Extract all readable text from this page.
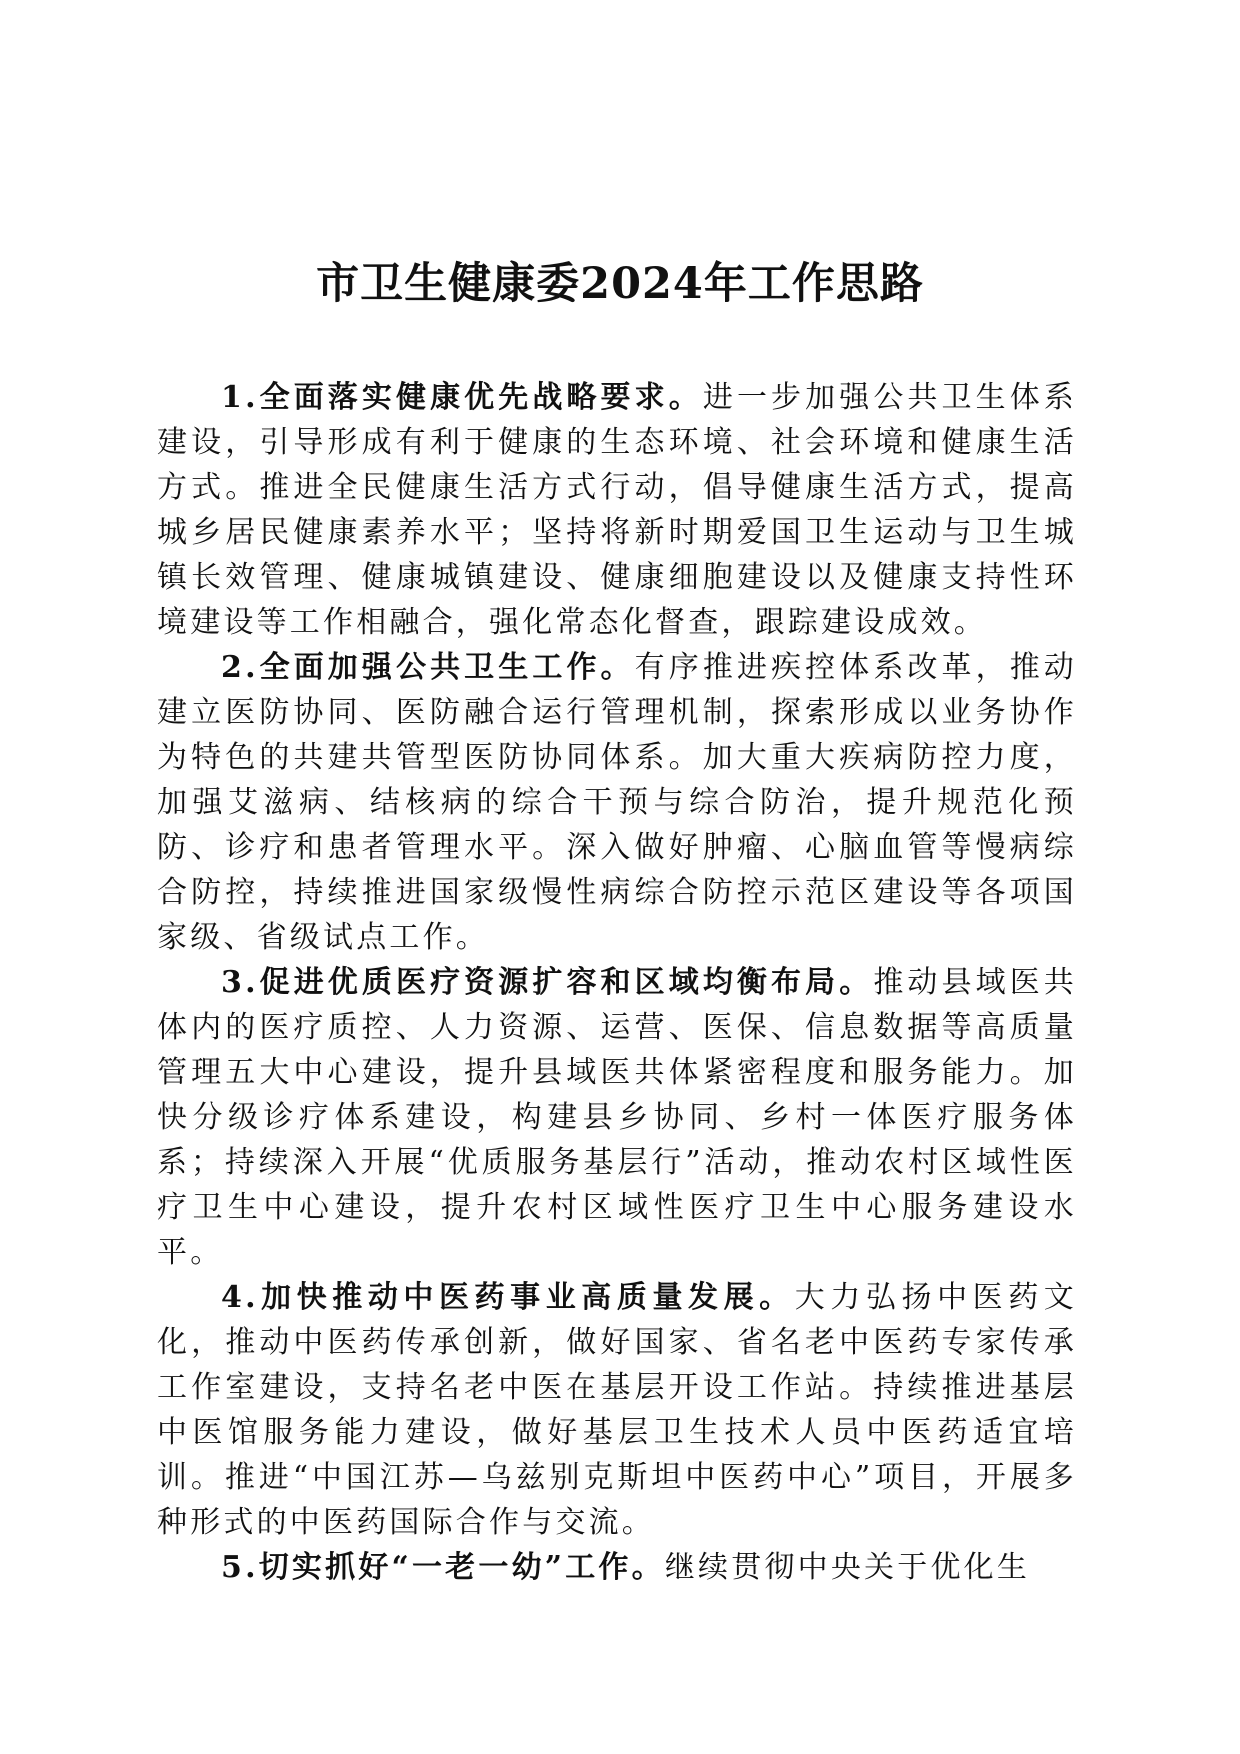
市卫生健康委2024年工作思路

1.全面落实健康优先战略要求。进一步加强公共卫生体系建设，引导形成有利于健康的生态环境、社会环境和健康生活方式。推进全民健康生活方式行动，倡导健康生活方式，提高城乡居民健康素养水平；坚持将新时期爱国卫生运动与卫生城镇长效管理、健康城镇建设、健康细胞建设以及健康支持性环境建设等工作相融合，强化常态化督查，跟踪建设成效。

2.全面加强公共卫生工作。有序推进疾控体系改革，推动建立医防协同、医防融合运行管理机制，探索形成以业务协作为特色的共建共管型医防协同体系。加大重大疾病防控力度，加强艾滋病、结核病的综合干预与综合防治，提升规范化预防、诊疗和患者管理水平。深入做好肿瘤、心脑血管等慢病综合防控，持续推进国家级慢性病综合防控示范区建设等各项国家级、省级试点工作。

3.促进优质医疗资源扩容和区域均衡布局。推动县域医共体内的医疗质控、人力资源、运营、医保、信息数据等高质量管理五大中心建设，提升县域医共体紧密程度和服务能力。加快分级诊疗体系建设，构建县乡协同、乡村一体医疗服务体系；持续深入开展“优质服务基层行”活动，推动农村区域性医疗卫生中心建设，提升农村区域性医疗卫生中心服务建设水平。

4.加快推动中医药事业高质量发展。大力弘扬中医药文化，推动中医药传承创新，做好国家、省名老中医药专家传承工作室建设，支持名老中医在基层开设工作站。持续推进基层中医馆服务能力建设，做好基层卫生技术人员中医药适宜培训。推进“中国江苏—乌兹别克斯坦中医药中心”项目，开展多种形式的中医药国际合作与交流。

5.切实抓好“一老一幼”工作。继续贯彻中央关于优化生
